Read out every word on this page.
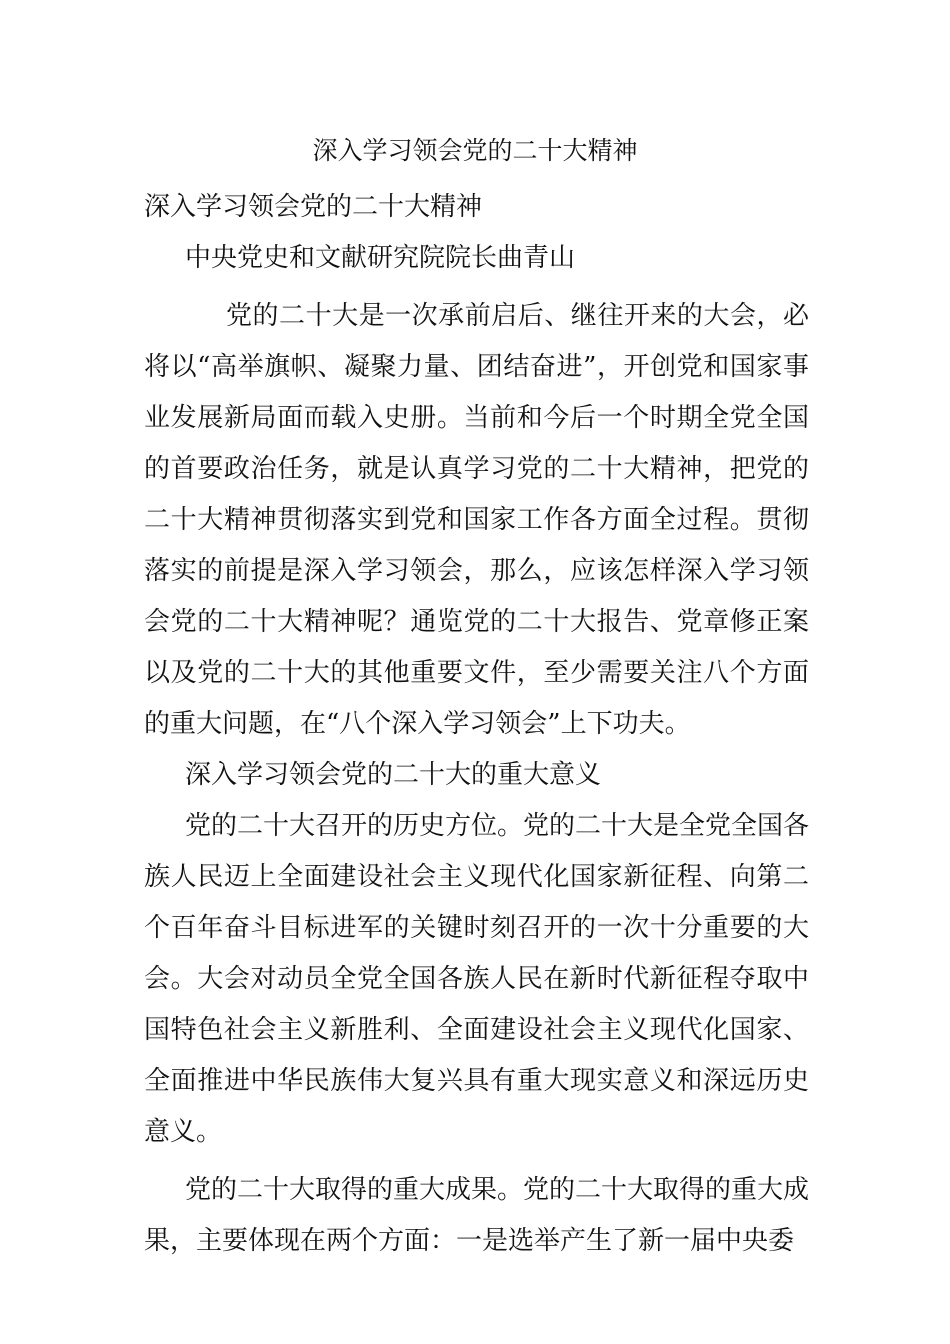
深入学习领会党的二十大精神

深入学习领会党的二十大精神

中央党史和文献研究院院长曲青山

党的二十大是一次承前启后、继往开来的大会，必将以“高举旗帜、凝聚力量、团结奋进”，开创党和国家事业发展新局面而载入史册。当前和今后一个时期全党全国的首要政治任务，就是认真学习党的二十大精神，把党的二十大精神贯彻落实到党和国家工作各方面全过程。贯彻落实的前提是深入学习领会，那么，应该怎样深入学习领会党的二十大精神呢？通览党的二十大报告、党章修正案以及党的二十大的其他重要文件，至少需要关注八个方面的重大问题，在“八个深入学习领会”上下功夫。

深入学习领会党的二十大的重大意义

党的二十大召开的历史方位。党的二十大是全党全国各族人民迈上全面建设社会主义现代化国家新征程、向第二个百年奋斗目标进军的关键时刻召开的一次十分重要的大会。大会对动员全党全国各族人民在新时代新征程夺取中国特色社会主义新胜利、全面建设社会主义现代化国家、全面推进中华民族伟大复兴具有重大现实意义和深远历史意义。

党的二十大取得的重大成果。党的二十大取得的重大成果，主要体现在两个方面：一是选举产生了新一届中央委
